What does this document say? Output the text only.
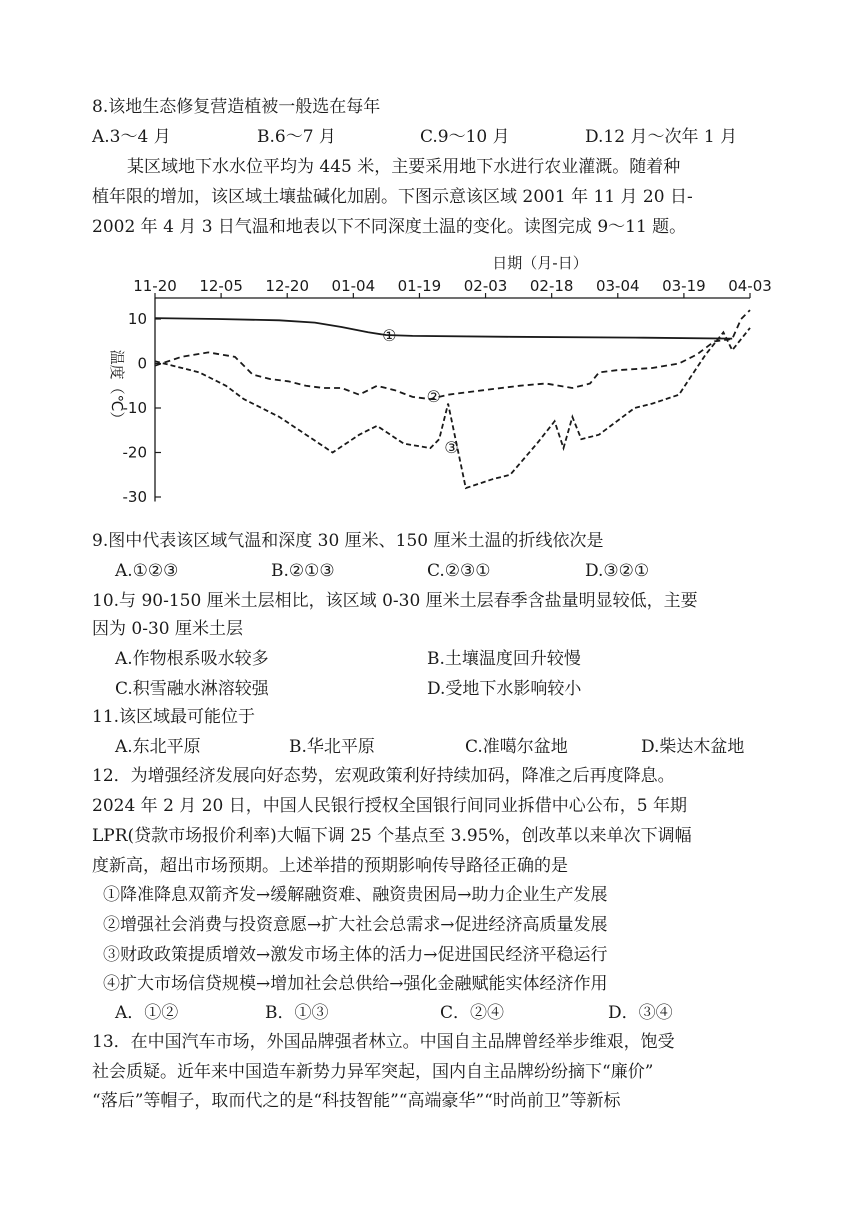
8.该地生态修复营造植被一般选在每年
A.3～4 月	B.6～7 月	C.9～10 月	D.12 月～次年 1 月
某区域地下水水位平均为 445 米，主要采用地下水进行农业灌溉。随着种
植年限的增加，该区域土壤盐碱化加剧。下图示意该区域 2001 年 11 月 20 日-
2002 年 4 月 3 日气温和地表以下不同深度土温的变化。读图完成 9～11 题。
日期（月-日）
11-20 12-05 12-20 01-04 01-19 02-03 02-18 03-04 03-19 04-03
10
0
-10
-20
-30
①
②
③
温度（℃）
9.图中代表该区域气温和深度 30 厘米、150 厘米土温的折线依次是
A.①②③	B.②①③	C.②③①	D.③②①
10.与 90-150 厘米土层相比，该区域 0-30 厘米土层春季含盐量明显较低，主要
因为 0-30 厘米土层
A.作物根系吸水较多	B.土壤温度回升较慢
C.积雪融水淋溶较强	D.受地下水影响较小
11.该区域最可能位于
A.东北平原	B.华北平原	C.准噶尔盆地	D.柴达木盆地
12．为增强经济发展向好态势，宏观政策利好持续加码，降准之后再度降息。
2024 年 2 月 20 日，中国人民银行授权全国银行间同业拆借中心公布，5 年期
LPR(贷款市场报价利率)大幅下调 25 个基点至 3.95%，创改革以来单次下调幅
度新高，超出市场预期。上述举措的预期影响传导路径正确的是
①降准降息双箭齐发→缓解融资难、融资贵困局→助力企业生产发展
②增强社会消费与投资意愿→扩大社会总需求→促进经济高质量发展
③财政政策提质增效→激发市场主体的活力→促进国民经济平稳运行
④扩大市场信贷规模→增加社会总供给→强化金融赋能实体经济作用
A．①②	B．①③	C．②④	D．③④
13．在中国汽车市场，外国品牌强者林立。中国自主品牌曾经举步维艰，饱受
社会质疑。近年来中国造车新势力异军突起，国内自主品牌纷纷摘下“廉价”
“落后”等帽子，取而代之的是“科技智能”“高端豪华”“时尚前卫”等新标
